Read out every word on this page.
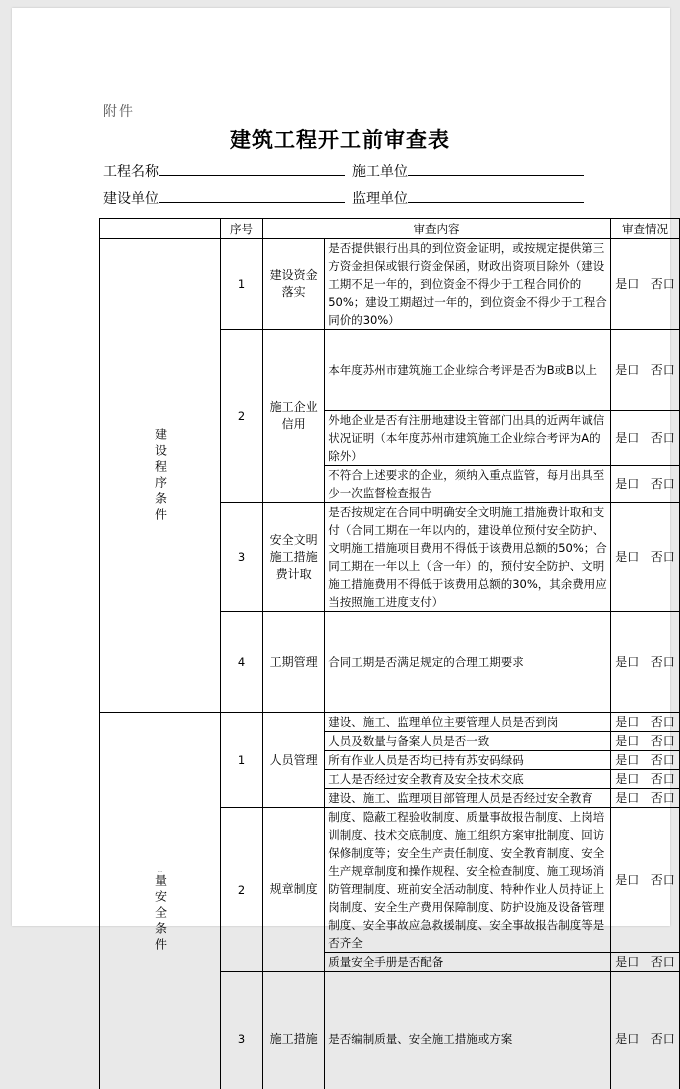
附件
建筑工程开工前审查表
工程名称	施工单位
建设单位	监理单位
	序号	审查内容		审查情况

建设程序条件	1	建设资金落实	是否提供银行出具的到位资金证明，或按规定提供第三方资金担保或银行资金保函，财政出资项目除外（建设工期不足一年的，到位资金不得少于工程合同价的50%；建设工期超过一年的，到位资金不得少于工程合同价的30%）	是口 否口
	2	施工企业信用	本年度苏州市建筑施工企业综合考评是否为B或B以上	是口 否口
			外地企业是否有注册地建设主管部门出具的近两年诚信状况证明（本年度苏州市建筑施工企业综合考评为A的除外）	是口 否口
			不符合上述要求的企业，须纳入重点监管，每月出具至少一次监督检查报告	是口 否口
	3	安全文明施工措施费计取	是否按规定在合同中明确安全文明施工措施费计取和支付（合同工期在一年以内的，建设单位预付安全防护、文明施工措施项目费用不得低于该费用总额的50%；合同工期在一年以上（含一年）的，预付安全防护、文明施工措施费用不得低于该费用总额的30%，其余费用应当按照施工进度支付）	是口 否口
	4	工期管理	合同工期是否满足规定的合理工期要求	是口 否口

..
量安全条件	1	人员管理	建设、施工、监理单位主要管理人员是否到岗	是口 否口
			人员及数量与备案人员是否一致	是口 否口
			所有作业人员是否均已持有苏安码绿码	是口 否口
			工人是否经过安全教育及安全技术交底	是口 否口
			建设、施工、监理项目部管理人员是否经过安全教育	是口 否口
	2	规章制度	制度、隐蔽工程验收制度、质量事故报告制度、上岗培训制度、技术交底制度、施工组织方案审批制度、回访保修制度等；安全生产责任制度、安全教育制度、安全生产规章制度和操作规程、安全检查制度、施工现场消防管理制度、班前安全活动制度、特种作业人员持证上岗制度、安全生产费用保障制度、防护设施及设备管理制度、安全事故应急救援制度、安全事故报告制度等是否齐全	是口 否口
			质量安全手册是否配备	是口 否口
	3	施工措施	是否编制质量、安全施工措施或方案	是口 否口
